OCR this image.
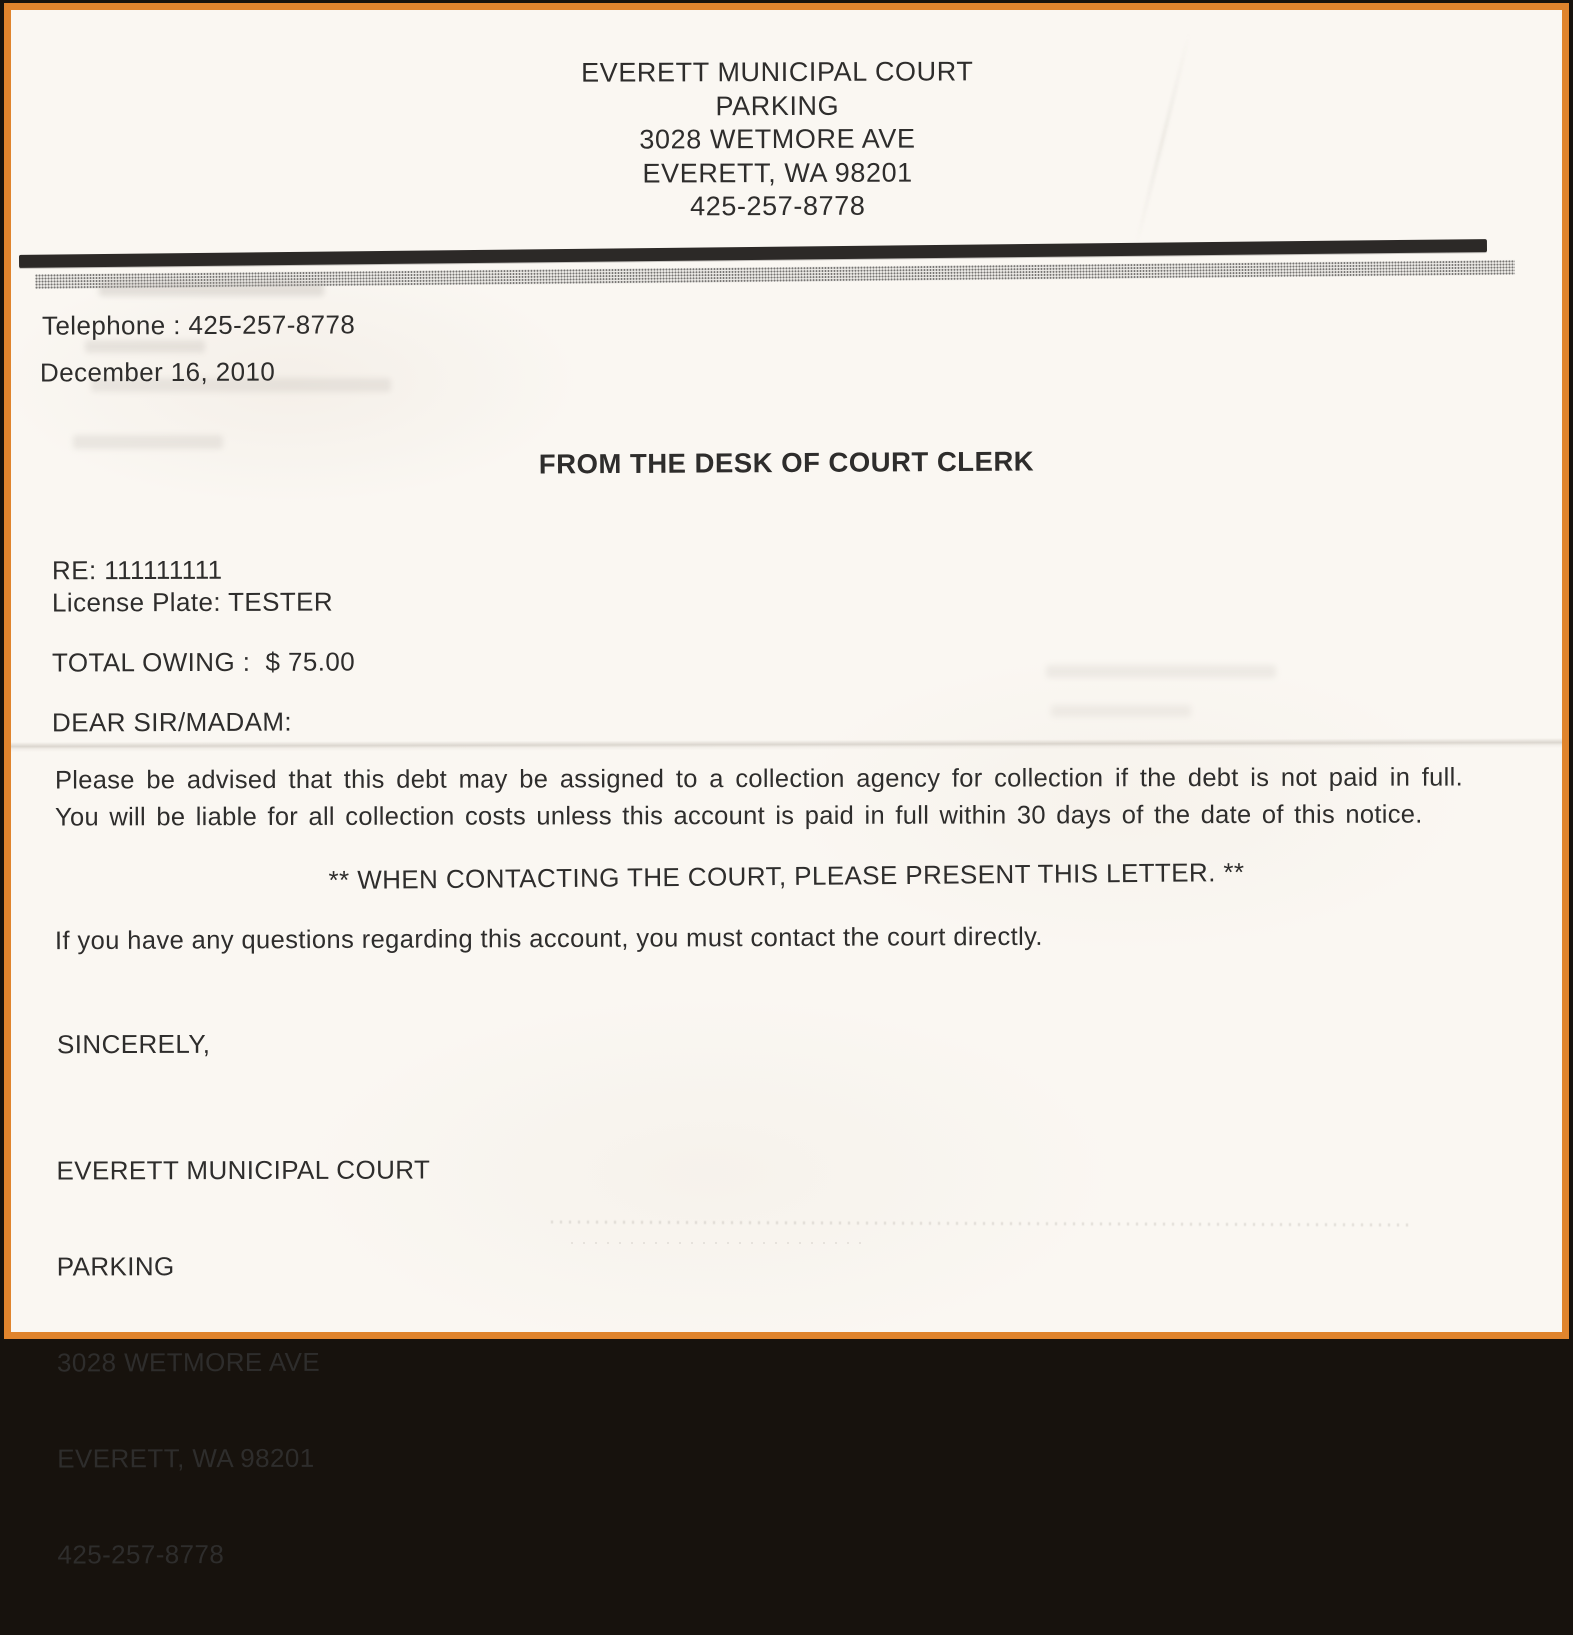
EVERETT MUNICIPAL COURT
PARKING
3028 WETMORE AVE
EVERETT, WA 98201
425-257-8778
Telephone : 425-257-8778
December 16, 2010
FROM THE DESK OF COURT CLERK
RE: 111111111
License Plate: TESTER
TOTAL OWING :  $ 75.00
DEAR SIR/MADAM:
Please be advised that this debt may be assigned to a collection agency for collection if the debt is not paid in full.
You will be liable for all collection costs unless this account is paid in full within 30 days of the date of this notice.
** WHEN CONTACTING THE COURT, PLEASE PRESENT THIS LETTER. **
If you have any questions regarding this account, you must contact the court directly.
SINCERELY,

EVERETT MUNICIPAL COURT

PARKING

3028 WETMORE AVE

EVERETT, WA 98201

425-257-8778
